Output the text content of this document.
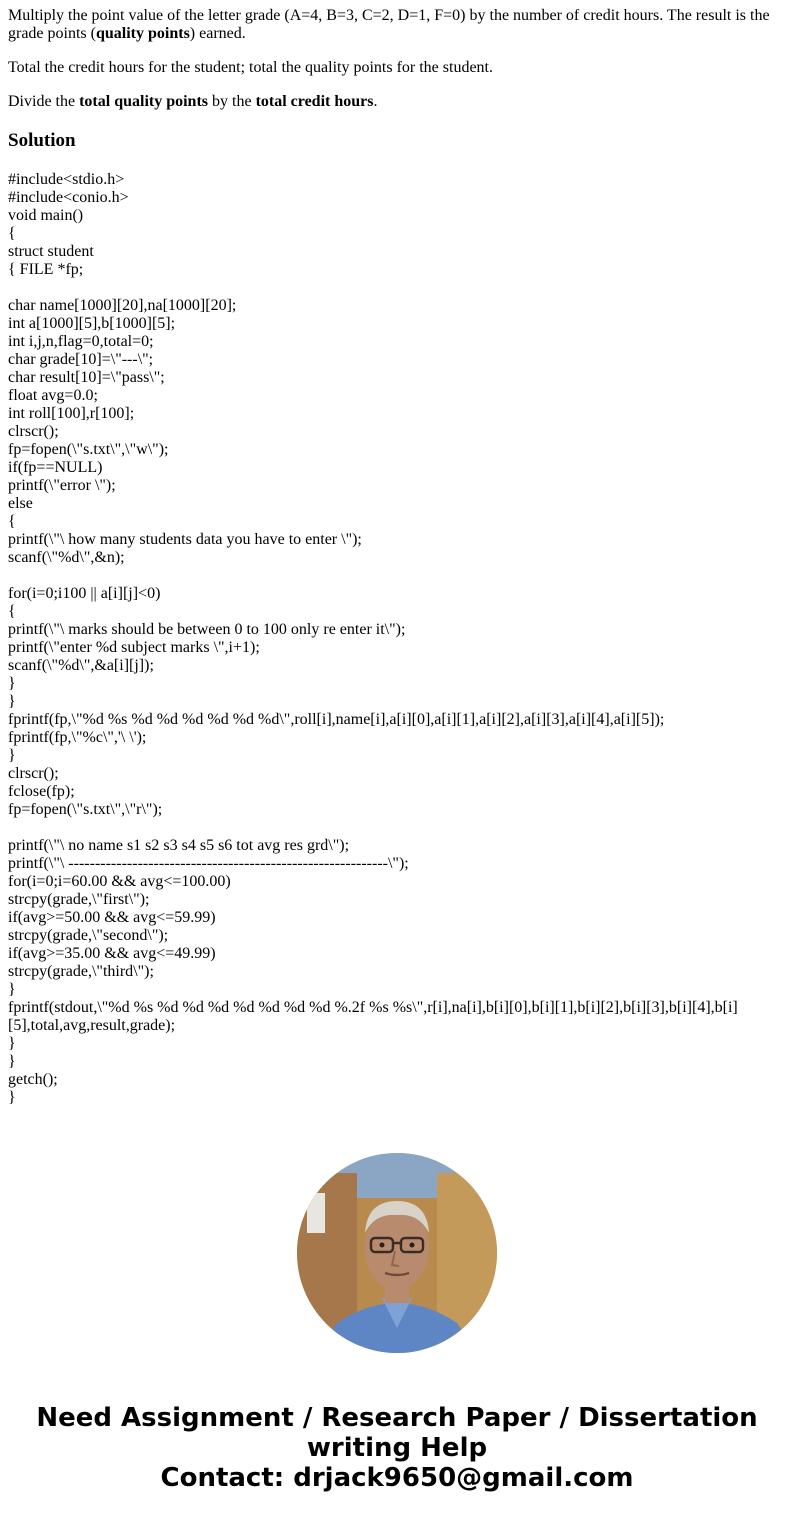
Multiply the point value of the letter grade (A=4, B=3, C=2, D=1, F=0) by the number of credit hours. The result is the grade points (quality points) earned.

Total the credit hours for the student; total the quality points for the student.

Divide the total quality points by the total credit hours.

Solution
#include<stdio.h>
#include<conio.h>
void main()
{
struct student
{ FILE *fp;
char name[1000][20],na[1000][20];
int a[1000][5],b[1000][5];
int i,j,n,flag=0,total=0;
char grade[10]=\"---\";
char result[10]=\"pass\";
float avg=0.0;
int roll[100],r[100];
clrscr();
fp=fopen(\"s.txt\",\"w\");
if(fp==NULL)
printf(\"error \");
else
{
printf(\"\ how many students data you have to enter \");
scanf(\"%d\",&n);
for(i=0;i100 || a[i][j]<0)
{
printf(\"\ marks should be between 0 to 100 only re enter it\");
printf(\"enter %d subject marks \",i+1);
scanf(\"%d\",&a[i][j]);
}
}
fprintf(fp,\"%d %s %d %d %d %d %d %d\",roll[i],name[i],a[i][0],a[i][1],a[i][2],a[i][3],a[i][4],a[i][5]);
fprintf(fp,\"%c\",'\ \');
}
clrscr();
fclose(fp);
fp=fopen(\"s.txt\",\"r\");
printf(\"\ no name s1 s2 s3 s4 s5 s6 tot avg res grd\");
printf(\"\ ------------------------------------------------------------\");
for(i=0;i=60.00 && avg<=100.00)
strcpy(grade,\"first\");
if(avg>=50.00 && avg<=59.99)
strcpy(grade,\"second\");
if(avg>=35.00 && avg<=49.99)
strcpy(grade,\"third\");
}
fprintf(stdout,\"%d %s %d %d %d %d %d %d %d %.2f %s %s\",r[i],na[i],b[i][0],b[i][1],b[i][2],b[i][3],b[i][4],b[i][5],total,avg,result,grade);
}
}
getch();
}
Need Assignment / Research Paper / Dissertation
writing Help
Contact: drjack9650@gmail.com
